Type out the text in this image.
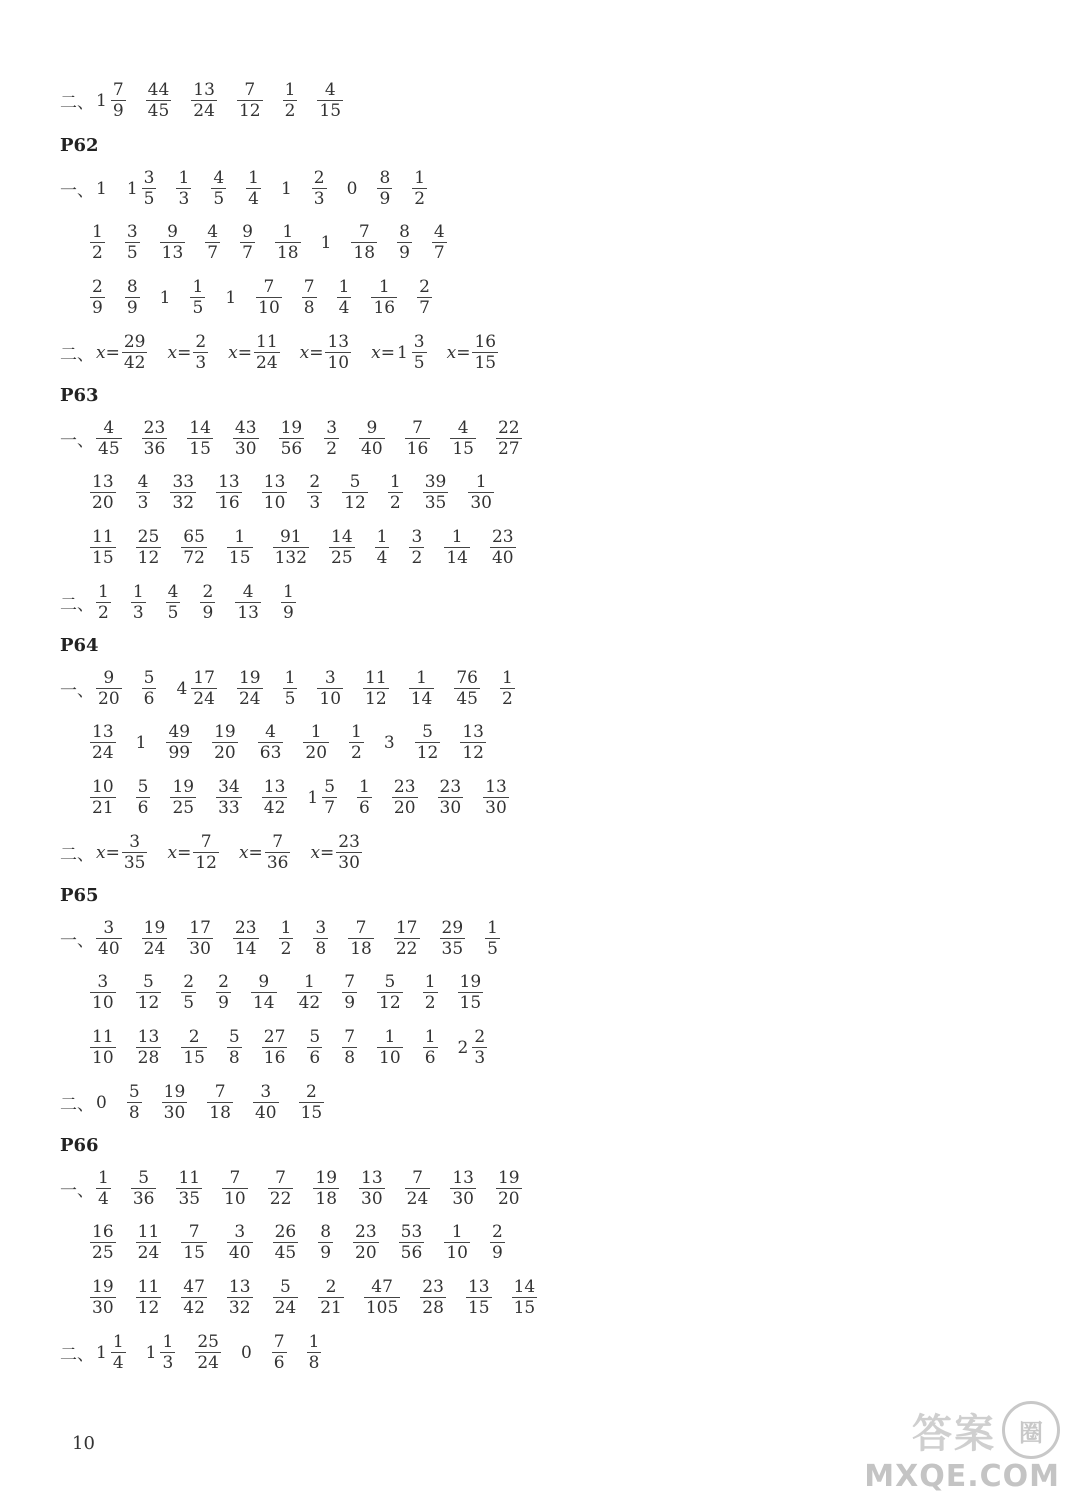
二、 $1 \frac{7}{9} \frac{44}{45} \frac{13}{24} \frac{7}{12} \frac{1}{2} \frac{4}{15}$
P62
一、 1 $1 \frac{3}{5} \frac{1}{3} \frac{4}{5} \frac{1}{4} 1 \frac{2}{3} 0 \frac{8}{9} \frac{1}{2}$
$\frac{1}{2} \frac{3}{5} \frac{9}{13} \frac{4}{7} \frac{9}{7} \frac{1}{18} 1 \frac{7}{18} \frac{8}{9} \frac{4}{7}$
$\frac{2}{9} \frac{8}{9} 1 \frac{1}{5} 1 \frac{7}{10} \frac{7}{8} \frac{1}{4} \frac{1}{16} \frac{2}{7}$
二、 $x= \frac{29}{42} x= \frac{2}{3} x= \frac{11}{24} x= \frac{13}{10} x= 1 \frac{3}{5} x= \frac{16}{15}$
P63
一、 $\frac{4}{45} \frac{23}{36} \frac{14}{15} \frac{43}{30} \frac{19}{56} \frac{3}{2} \frac{9}{40} \frac{7}{16} \frac{4}{15} \frac{22}{27}$
$\frac{13}{20} \frac{4}{3} \frac{33}{32} \frac{13}{16} \frac{13}{10} \frac{2}{3} \frac{5}{12} \frac{1}{2} \frac{39}{35} \frac{1}{30}$
$\frac{11}{15} \frac{25}{12} \frac{65}{72} \frac{1}{15} \frac{91}{132} \frac{14}{25} \frac{1}{4} \frac{3}{2} \frac{1}{14} \frac{23}{40}$
二、 $\frac{1}{2} \frac{1}{3} \frac{4}{5} \frac{2}{9} \frac{4}{13} \frac{1}{9}$
P64
一、 $\frac{9}{20} \frac{5}{6} 4 \frac{17}{24} \frac{19}{24} \frac{1}{5} \frac{3}{10} \frac{11}{12} \frac{1}{14} \frac{76}{45} \frac{1}{2}$
$\frac{13}{24} 1 \frac{49}{99} \frac{19}{20} \frac{4}{63} \frac{1}{20} \frac{1}{2} 3 \frac{5}{12} \frac{13}{12}$
$\frac{10}{21} \frac{5}{6} \frac{19}{25} \frac{34}{33} \frac{13}{42} 1 \frac{5}{7} \frac{1}{6} \frac{23}{20} \frac{23}{30} \frac{13}{30}$
二、 $x= \frac{3}{35} x= \frac{7}{12} x= \frac{7}{36} x= \frac{23}{30}$
P65
一、 $\frac{3}{40} \frac{19}{24} \frac{17}{30} \frac{23}{14} \frac{1}{2} \frac{3}{8} \frac{7}{18} \frac{17}{22} \frac{29}{35} \frac{1}{5}$
$\frac{3}{10} \frac{5}{12} \frac{2}{5} \frac{2}{9} \frac{9}{14} \frac{1}{42} \frac{7}{9} \frac{5}{12} \frac{1}{2} \frac{19}{15}$
$\frac{11}{10} \frac{13}{28} \frac{2}{15} \frac{5}{8} \frac{27}{16} \frac{5}{6} \frac{7}{8} \frac{1}{10} \frac{1}{6} 2 \frac{2}{3}$
二、 $0 \frac{5}{8} \frac{19}{30} \frac{7}{18} \frac{3}{40} \frac{2}{15}$
P66
一、 $\frac{1}{4} \frac{5}{36} \frac{11}{35} \frac{7}{10} \frac{7}{22} \frac{19}{18} \frac{13}{30} \frac{7}{24} \frac{13}{30} \frac{19}{20}$
$\frac{16}{25} \frac{11}{24} \frac{7}{15} \frac{3}{40} \frac{26}{45} \frac{8}{9} \frac{23}{20} \frac{53}{56} \frac{1}{10} \frac{2}{9}$
$\frac{19}{30} \frac{11}{12} \frac{47}{42} \frac{13}{32} \frac{5}{24} \frac{2}{21} \frac{47}{105} \frac{23}{28} \frac{13}{15} \frac{14}{15}$
二、 $1 \frac{1}{4} 1 \frac{1}{3} \frac{25}{24} 0 \frac{7}{6} \frac{1}{8}$
10	答案 圈
MXQE.COM
